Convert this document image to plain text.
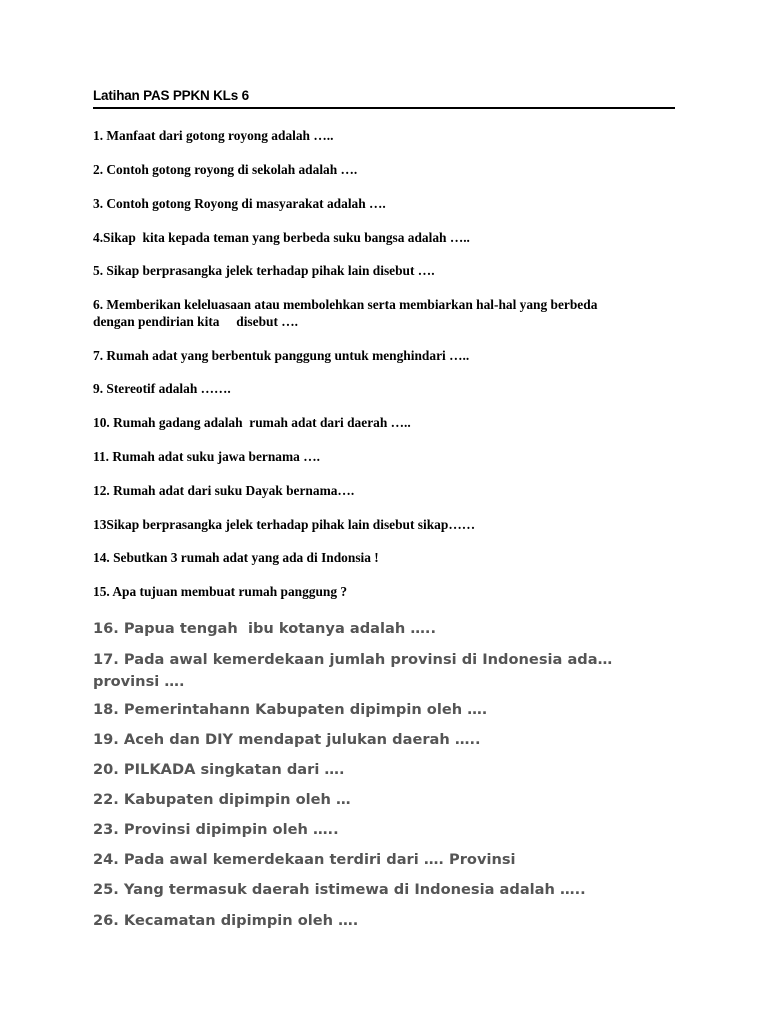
Latihan PAS PPKN KLs 6
1. Manfaat dari gotong royong adalah …..
2. Contoh gotong royong di sekolah adalah ….
3. Contoh gotong Royong di masyarakat adalah ….
4.Sikap  kita kepada teman yang berbeda suku bangsa adalah …..
5. Sikap berprasangka jelek terhadap pihak lain disebut ….
6. Memberikan keleluasaan atau membolehkan serta membiarkan hal-hal yang berbeda dengan pendirian kita     disebut ….
7. Rumah adat yang berbentuk panggung untuk menghindari …..
9. Stereotif adalah …….
10. Rumah gadang adalah  rumah adat dari daerah …..
11. Rumah adat suku jawa bernama ….
12. Rumah adat dari suku Dayak bernama….
13Sikap berprasangka jelek terhadap pihak lain disebut sikap……
14. Sebutkan 3 rumah adat yang ada di Indonsia !
15. Apa tujuan membuat rumah panggung ?
16. Papua tengah  ibu kotanya adalah …..
17. Pada awal kemerdekaan jumlah provinsi di Indonesia ada… provinsi ….
18. Pemerintahann Kabupaten dipimpin oleh ….
19. Aceh dan DIY mendapat julukan daerah …..
20. PILKADA singkatan dari ….
22. Kabupaten dipimpin oleh …
23. Provinsi dipimpin oleh …..
24. Pada awal kemerdekaan terdiri dari …. Provinsi
25. Yang termasuk daerah istimewa di Indonesia adalah …..
26. Kecamatan dipimpin oleh ….
